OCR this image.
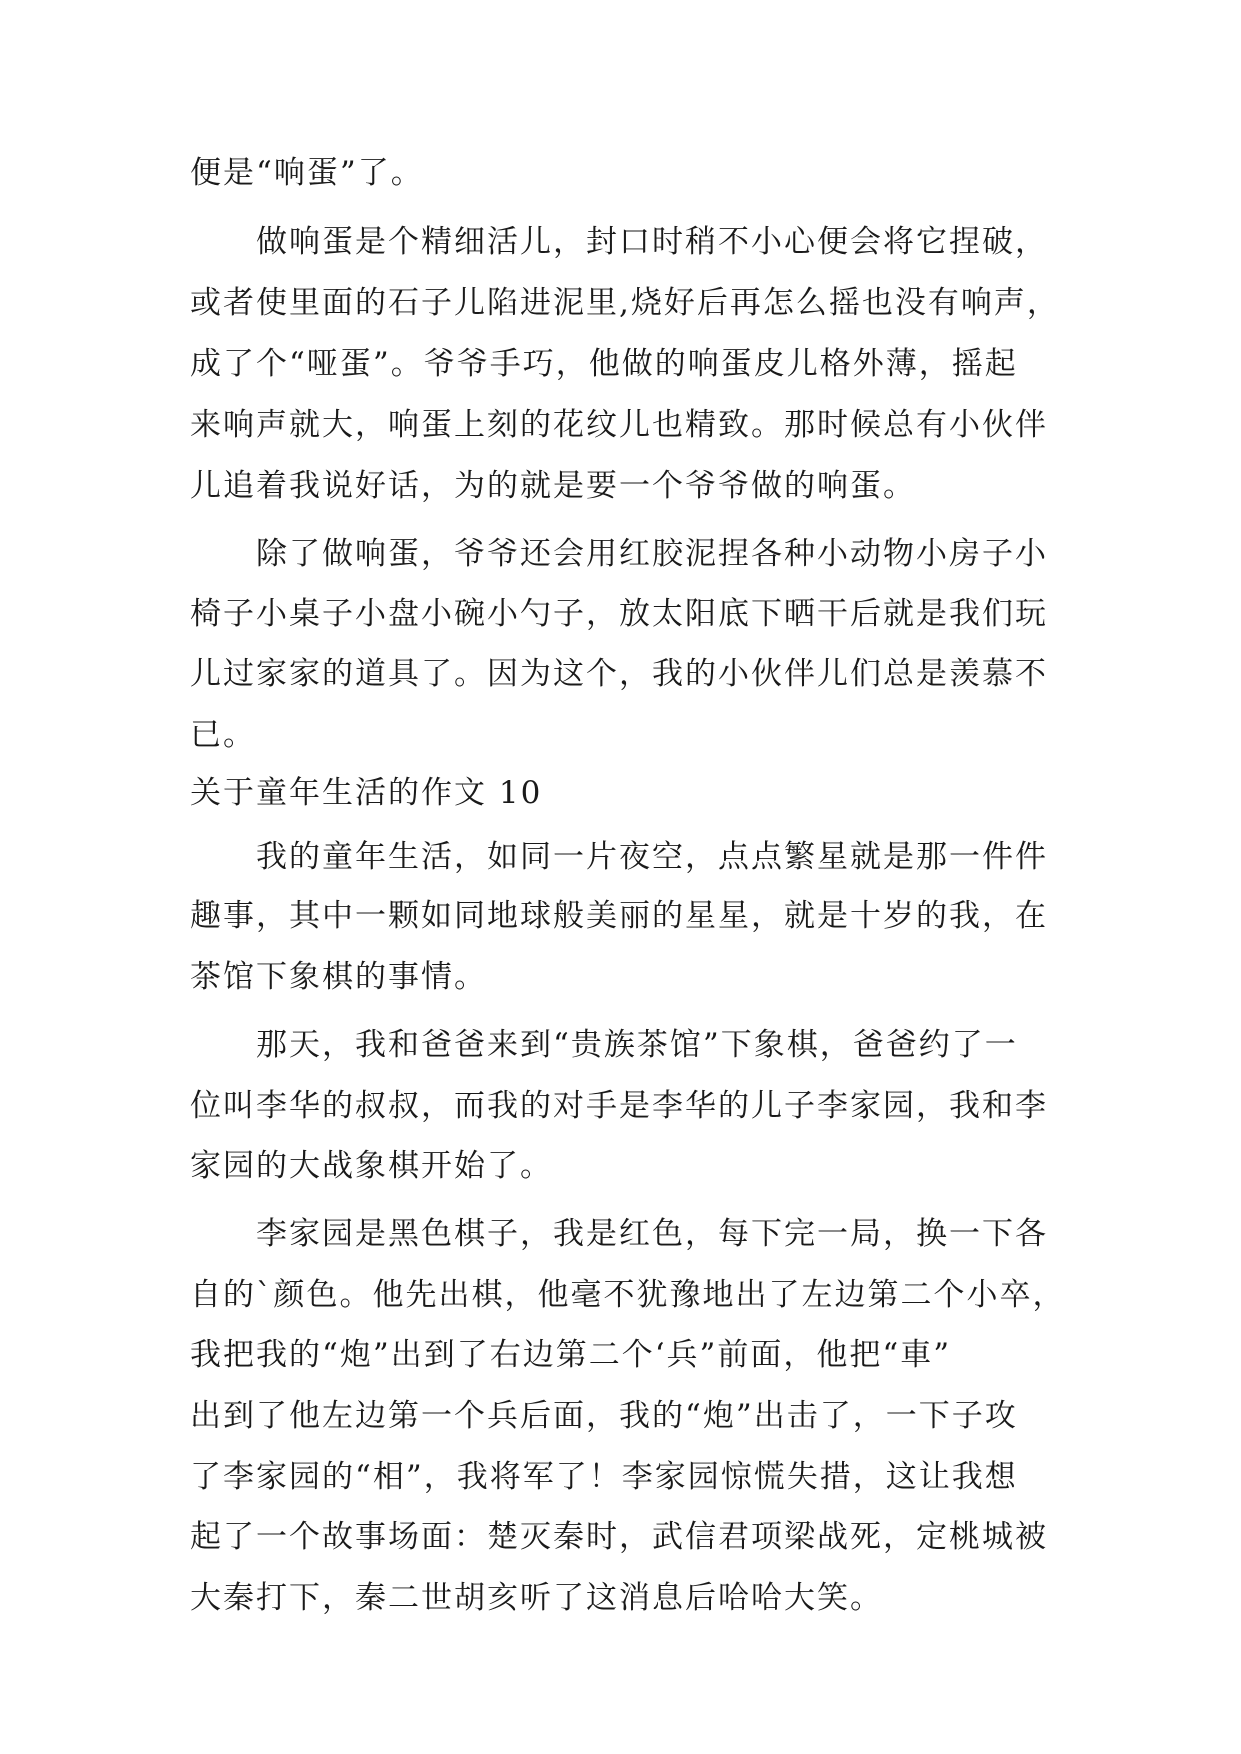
便是“响蛋”了。
做响蛋是个精细活儿，封口时稍不小心便会将它捏破，
或者使里面的石子儿陷进泥里,烧好后再怎么摇也没有响声，
成了个“哑蛋”。爷爷手巧，他做的响蛋皮儿格外薄，摇起
来响声就大，响蛋上刻的花纹儿也精致。那时候总有小伙伴
儿追着我说好话，为的就是要一个爷爷做的响蛋。
除了做响蛋，爷爷还会用红胶泥捏各种小动物小房子小
椅子小桌子小盘小碗小勺子，放太阳底下晒干后就是我们玩
儿过家家的道具了。因为这个，我的小伙伴儿们总是羡慕不
已。
关于童年生活的作文 10
我的童年生活，如同一片夜空，点点繁星就是那一件件
趣事，其中一颗如同地球般美丽的星星，就是十岁的我，在
茶馆下象棋的事情。
那天，我和爸爸来到“贵族茶馆”下象棋，爸爸约了一
位叫李华的叔叔，而我的对手是李华的儿子李家园，我和李
家园的大战象棋开始了。
李家园是黑色棋子，我是红色，每下完一局，换一下各
自的`颜色。他先出棋，他毫不犹豫地出了左边第二个小卒，
我把我的“炮”出到了右边第二个‘兵”前面，他把“車”
出到了他左边第一个兵后面，我的“炮”出击了，一下子攻
了李家园的“相”，我将军了！李家园惊慌失措，这让我想
起了一个故事场面：楚灭秦时，武信君项梁战死，定桃城被
大秦打下，秦二世胡亥听了这消息后哈哈大笑。
